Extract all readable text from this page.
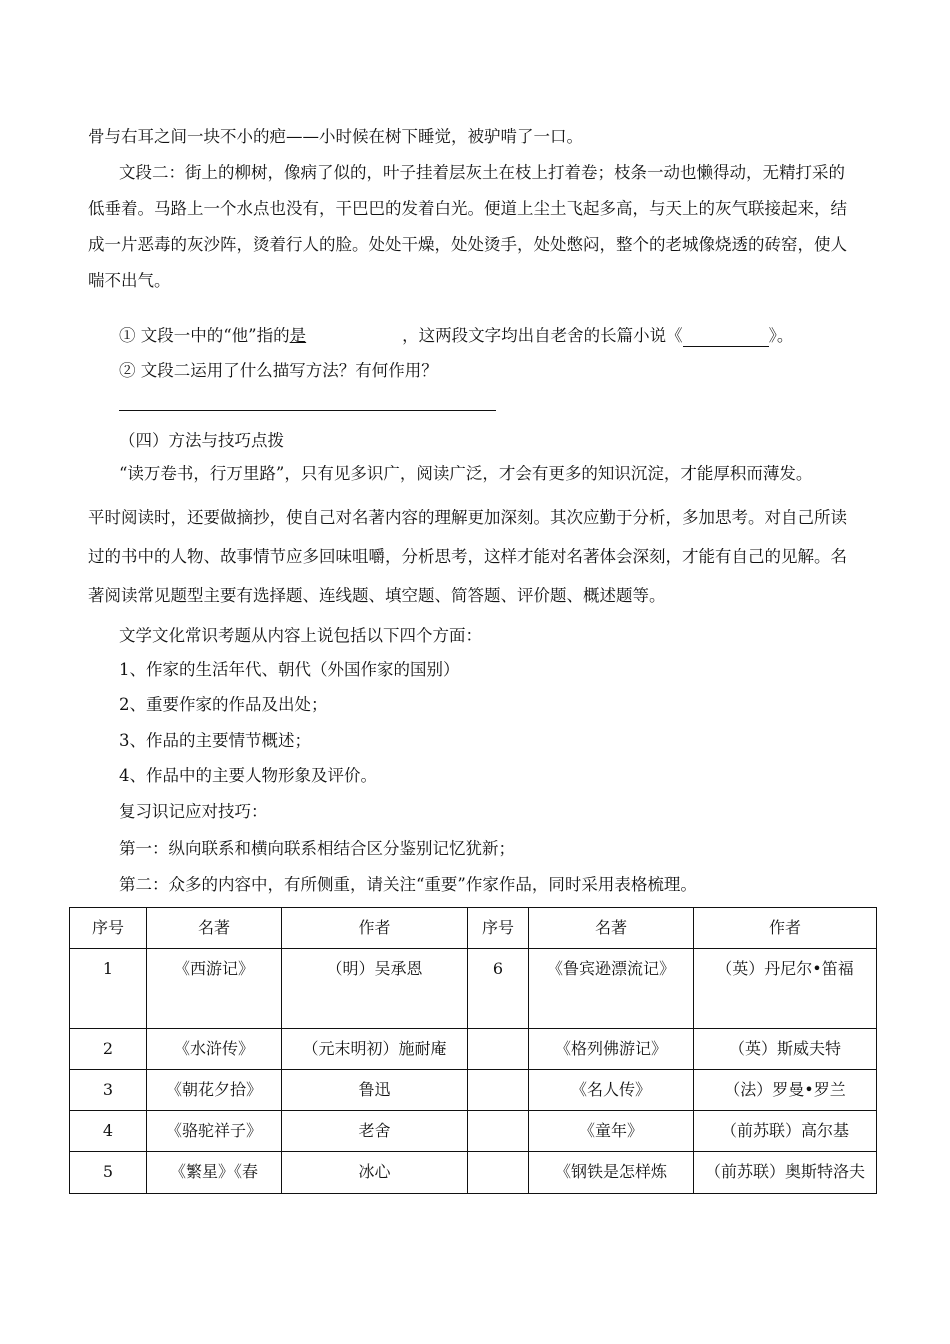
骨与右耳之间一块不小的疤——小时候在树下睡觉，被驴啃了一口。
文段二：街上的柳树，像病了似的，叶子挂着层灰土在枝上打着卷；枝条一动也懒得动，无精打采的
低垂着。马路上一个水点也没有，干巴巴的发着白光。便道上尘土飞起多高，与天上的灰气联接起来，结
成一片恶毒的灰沙阵，烫着行人的脸。处处干燥，处处烫手，处处憋闷，整个的老城像烧透的砖窑，使人
喘不出气。
① 文段一中的“他”指的是	，这两段文字均出自老舍的长篇小说《	》。
② 文段二运用了什么描写方法？有何作用？
（四）方法与技巧点拨
“读万卷书，行万里路”，只有见多识广，阅读广泛，才会有更多的知识沉淀，才能厚积而薄发。
平时阅读时，还要做摘抄，使自己对名著内容的理解更加深刻。其次应勤于分析，多加思考。对自己所读
过的书中的人物、故事情节应多回味咀嚼，分析思考，这样才能对名著体会深刻，才能有自己的见解。名
著阅读常见题型主要有选择题、连线题、填空题、简答题、评价题、概述题等。
文学文化常识考题从内容上说包括以下四个方面：
1、作家的生活年代、朝代（外国作家的国别）
2、重要作家的作品及出处；
3、作品的主要情节概述；
4、作品中的主要人物形象及评价。
复习识记应对技巧：
第一：纵向联系和横向联系相结合区分鉴别记忆犹新；
第二：众多的内容中，有所侧重，请关注“重要”作家作品，同时采用表格梳理。
序号	名著	作者	序号	名著	作者
1	《西游记》	（明）吴承恩	6	《鲁宾逊漂流记》	（英）丹尼尔•笛福
2	《水浒传》	（元末明初）施耐庵		《格列佛游记》	（英）斯威夫特
3	《朝花夕拾》	鲁迅		《名人传》	（法）罗曼•罗兰
4	《骆驼祥子》	老舍		《童年》	（前苏联）高尔基
5	《繁星》《春	冰心		《钢铁是怎样炼	（前苏联）奥斯特洛夫
